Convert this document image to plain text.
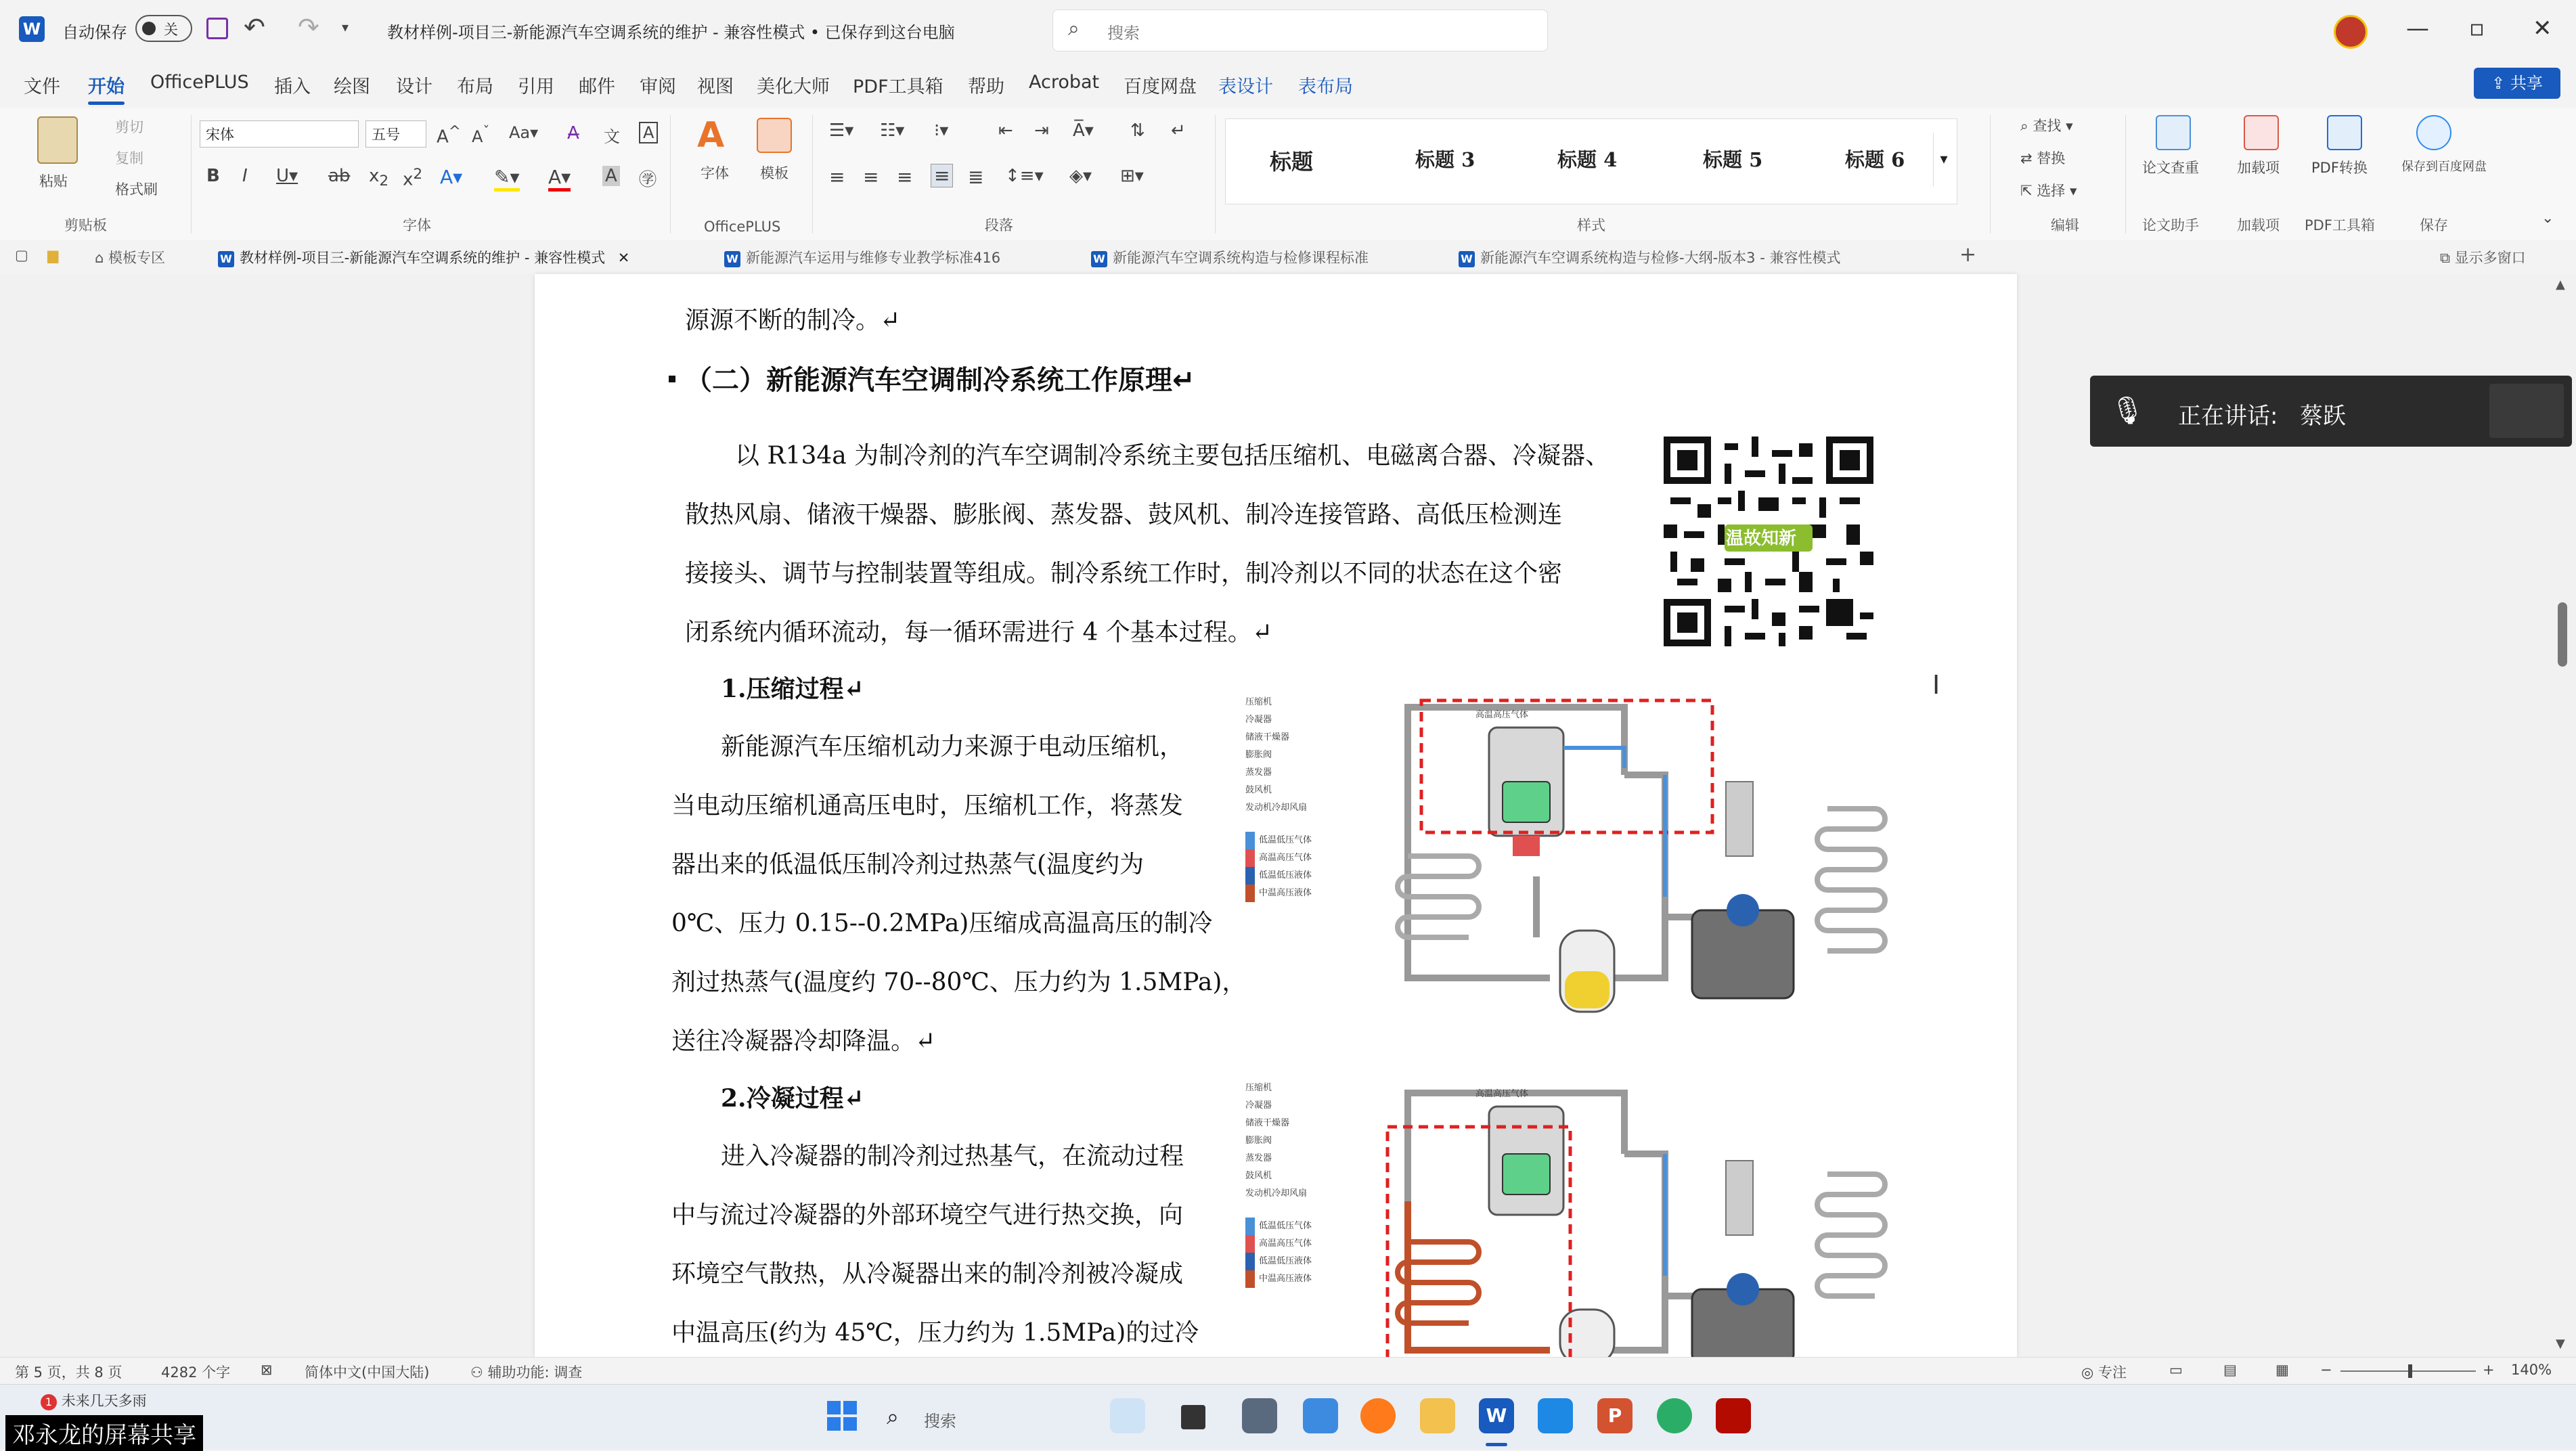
W 自动保存	关	↶ ↷ ▾ 教材样例-项目三-新能源汽车空调系统的维护 - 兼容性模式 • 已保存到这台电脑	⌕ 搜索	— ▫ ✕
文件 开始 OfficePLUS 插入 绘图 设计 布局 引用 邮件 审阅 视图 美化大师 PDF工具箱 帮助 Acrobat 百度网盘 表设计 表布局	⇪ 共享
粘贴
剪切
复制
格式刷
剪贴板
宋体	五号	A^ $A^ˇ$ Aa▾ A̶ 文 A
B I U▾ ab $x_2$ $x^2$ A▾ ✎▾ A▾ A ㊫
字体
A
字体 模板
OfficePLUS
☰▾ ☷▾ ⁝▾	⇤ ⇥ A̅▾ ⇅ ↵
≡ ≡ ≡ ≡ ≣ ↕≡▾ ◈▾ ⊞▾
段落	样式
⌕ 查找 ▾
⇄ 替换
⇱ 选择 ▾
编辑
论文查重
论文助手
加载项
加载项
PDF转换
PDF工具箱
保存到百度网盘
保存	⌄
标题	标题 3	标题 4	标题 5	标题 6	▾
▢ ▆	⌂ 模板专区	W 教材样例-项目三-新能源汽车空调系统的维护 - 兼容性模式 ✕	W 新能源汽车运用与维修专业教学标准416	W 新能源汽车空调系统构造与检修课程标准	W 新能源汽车空调系统构造与检修-大纲-版本3 - 兼容性模式	+	⧉ 显示多窗口
源源不断的制冷。↵
（二）新能源汽车空调制冷系统工作原理↵
以 R134a 为制冷剂的汽车空调制冷系统主要包括压缩机、电磁离合器、冷凝器、
散热风扇、储液干燥器、膨胀阀、蒸发器、鼓风机、制冷连接管路、高低压检测连
接接头、调节与控制装置等组成。制冷系统工作时，制冷剂以不同的状态在这个密
闭系统内循环流动，每一循环需进行 4 个基本过程。↵
温故知新
1.压缩过程↵
新能源汽车压缩机动力来源于电动压缩机，
当电动压缩机通高压电时，压缩机工作，将蒸发
器出来的低温低压制冷剂过热蒸气(温度约为
0℃、压力 0.15--0.2MPa)压缩成高温高压的制冷
剂过热蒸气(温度约 70--80℃、压力约为 1.5MPa)，
送往冷凝器冷却降温。↵
2.冷凝过程↵
进入冷凝器的制冷剂过热基气，在流动过程
中与流过冷凝器的外部环境空气进行热交换，向
环境空气散热，从冷凝器出来的制冷剂被冷凝成
中温高压(约为 45℃，压力约为 1.5MPa)的过冷
压缩机
冷凝器
储液干燥器
膨胀阀
蒸发器
鼓风机
发动机冷却风扇
低温低压气体
高温高压气体
低温低压液体
中温高压液体
高温高压气体
压缩机
冷凝器
储液干燥器
膨胀阀
蒸发器
鼓风机
发动机冷却风扇
低温低压气体
高温高压气体
低温低压液体
中温高压液体
高温高压气体
I
▲
▼
🎙 正在讲话: 蔡跃
第 5 页，共 8 页	4282 个字 ⊠ 简体中文(中国大陆)	⚇ 辅助功能: 调查	◎ 专注	▭	▤	▦ −	+ 140%
1 未来几天多雨
⌕ 搜索	W	P
邓永龙的屏幕共享
